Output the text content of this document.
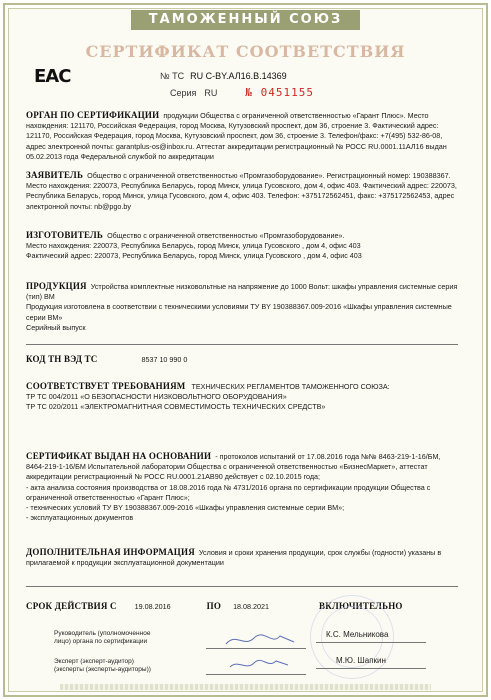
ТАМОЖЕННЫЙ СОЮЗ
СЕРТИФИКАТ СООТВЕТСТВИЯ
ЕАС	№ ТС RU C-BY.АЛ16.В.14369
Серия RU	№ 0451155
ОРГАН ПО СЕРТИФИКАЦИИ продукции Общества с ограниченной ответственностью «Гарант Плюс». Место нахождения: 121170, Российская Федерация, город Москва, Кутузовский проспект, дом 36, строение 3. Фактический адрес: 121170, Российская Федерация, город Москва, Кутузовский проспект, дом 36, строение 3. Телефон/факс: +7(495) 532-86-08, адрес электронной почты: garantplus-os@inbox.ru. Аттестат аккредитации регистрационный № РОСС RU.0001.11АЛ16 выдан 05.02.2013 года Федеральной службой по аккредитации
ЗАЯВИТЕЛЬ Общество с ограниченной ответственностью «Промгазоборудование». Регистрационный номер: 190388367. Место нахождения: 220073, Республика Беларусь, город Минск, улица Гусовского, дом 4, офис 403. Фактический адрес: 220073, Республика Беларусь, город Минск, улица Гусовского, дом 4, офис 403. Телефон: +375172562451, факс: +375172562453, адрес электронной почты: nb@pgo.by
ИЗГОТОВИТЕЛЬ Общество с ограниченной ответственностью «Промгазоборудование».
Место нахождения: 220073, Республика Беларусь, город Минск, улица Гусовского , дом 4, офис 403
Фактический адрес: 220073, Республика Беларусь, город Минск, улица Гусовского , дом 4, офис 403
ПРОДУКЦИЯ Устройства комплектные низковольтные на напряжение до 1000 Вольт: шкафы управления системные серия (тип) ВМ
Продукция изготовлена в соответствии с техническими условиями ТУ BY 190388367.009-2016 «Шкафы управления системные серии ВМ»
Серийный выпуск
КОД ТН ВЭД ТС	8537 10 990 0
СООТВЕТСТВУЕТ ТРЕБОВАНИЯМ ТЕХНИЧЕСКИХ РЕГЛАМЕНТОВ ТАМОЖЕННОГО СОЮЗА:
ТР ТС 004/2011 «О БЕЗОПАСНОСТИ НИЗКОВОЛЬТНОГО ОБОРУДОВАНИЯ»
ТР ТС 020/2011 «ЭЛЕКТРОМАГНИТНАЯ СОВМЕСТИМОСТЬ ТЕХНИЧЕСКИХ СРЕДСТВ»
СЕРТИФИКАТ ВЫДАН НА ОСНОВАНИИ - протоколов испытаний от 17.08.2016 года №№ 8463-219-1-16/БМ, 8464-219-1-16/БМ Испытательной лаборатории Общества с ограниченной ответственностью «БизнесМаркет», аттестат аккредитации регистрационный № РОСС RU.0001.21АВ90 действует с 02.10.2015 года;
- акта анализа состояния производства от 18.08.2016 года № 4731/2016 органа по сертификации продукции Общества с ограниченной ответственностью «Гарант Плюс»;
- технических условий ТУ BY 190388367.009-2016 «Шкафы управления системные серии ВМ»;
- эксплуатационных документов
ДОПОЛНИТЕЛЬНАЯ ИНФОРМАЦИЯ Условия и сроки хранения продукции, срок службы (годности) указаны в прилагаемой к продукции эксплуатационной документации
СРОК ДЕЙСТВИЯ С	19.08.2016	ПО 18.08.2021	ВКЛЮЧИТЕЛЬНО
Руководитель (уполномоченное
лицо) органа по сертификации
К.С. Мельникова
Эксперт (эксперт-аудитор)
(эксперты (эксперты-аудиторы))
М.Ю. Шапкин
